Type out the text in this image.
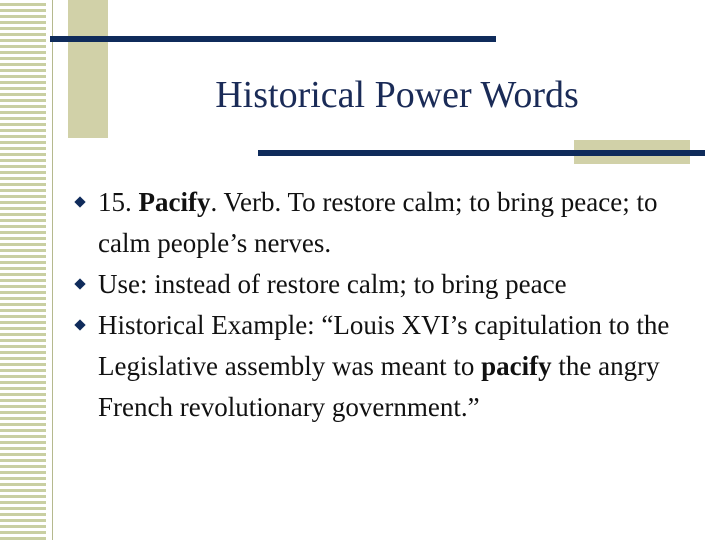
Historical Power Words
15. Pacify. Verb. To restore calm; to bring peace; to calm people’s nerves.
Use: instead of restore calm; to bring peace
Historical Example: “Louis XVI’s capitulation to the Legislative assembly was meant to pacify the angry French revolutionary government.”
